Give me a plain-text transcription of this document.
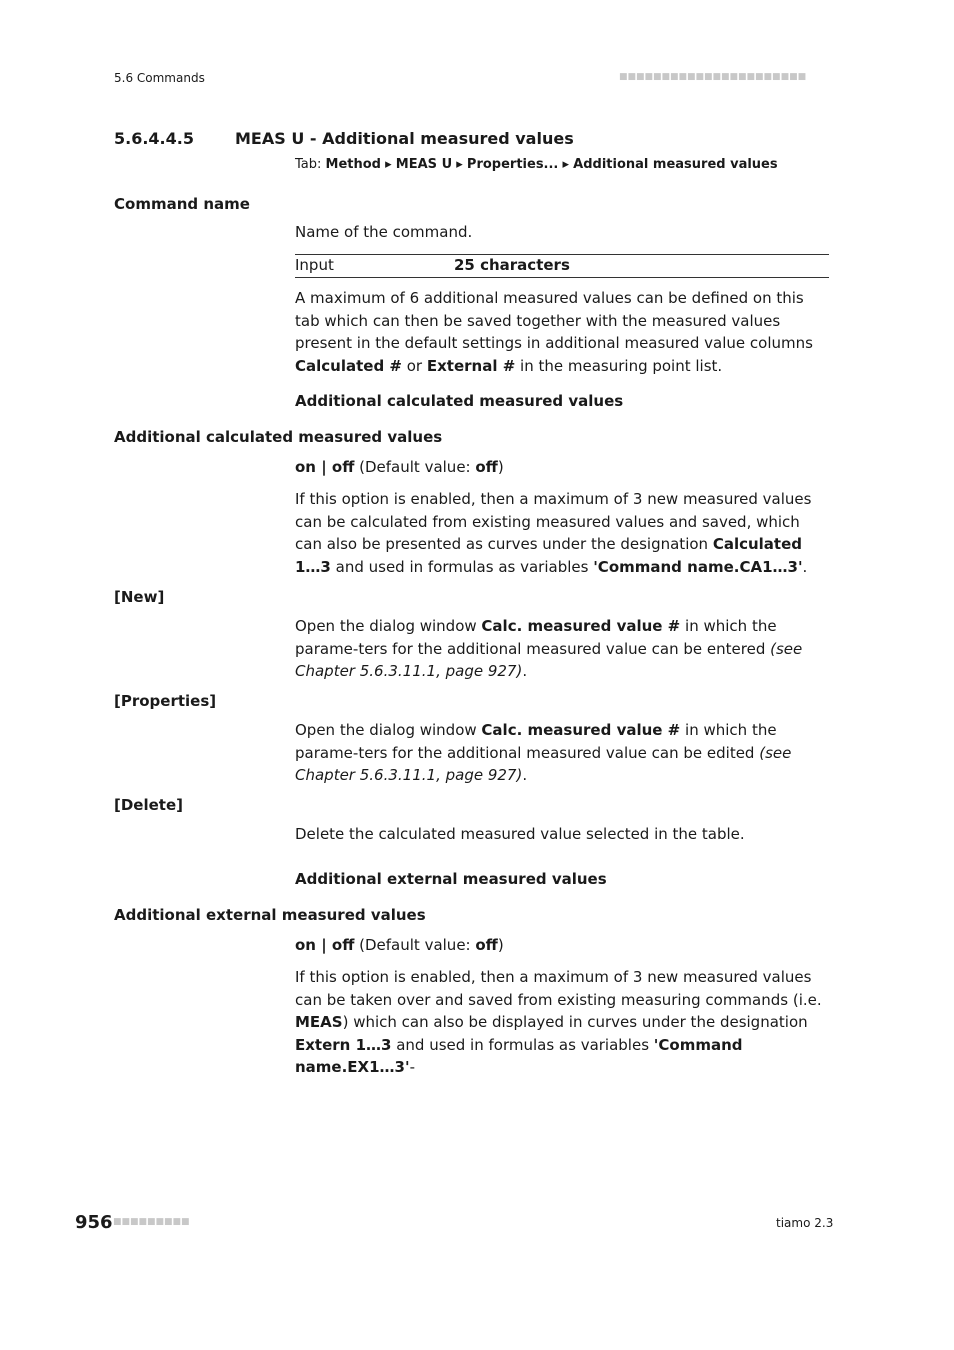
5.6 Commands	■■■■■■■■■■■■■■■■■■■■■■
5.6.4.4.5	MEAS U - Additional measured values
Tab: Method ▸ MEAS U ▸ Properties... ▸ Additional measured values
Command name
Name of the command.
Input	25 characters
A maximum of 6 additional measured values can be defined on this tab which can then be saved together with the measured values present in the default settings in additional measured value columns Calculated # or External # in the measuring point list.
Additional calculated measured values
Additional calculated measured values
on | off (Default value: off)
If this option is enabled, then a maximum of 3 new measured values can be calculated from existing measured values and saved, which can also be presented as curves under the designation Calculated 1…3 and used in formulas as variables 'Command name.CA1…3'.
[New]
Open the dialog window Calc. measured value # in which the parame-ters for the additional measured value can be entered (see Chapter 5.6.3.11.1, page 927).
[Properties]
Open the dialog window Calc. measured value # in which the parame-ters for the additional measured value can be edited (see Chapter 5.6.3.11.1, page 927).
[Delete]
Delete the calculated measured value selected in the table.
Additional external measured values
Additional external measured values
on | off (Default value: off)
If this option is enabled, then a maximum of 3 new measured values can be taken over and saved from existing measuring commands (i.e. MEAS) which can also be displayed in curves under the designation Extern 1…3 and used in formulas as variables 'Command name.EX1…3'-
956 ■■■■■■■■■	tiamo 2.3
